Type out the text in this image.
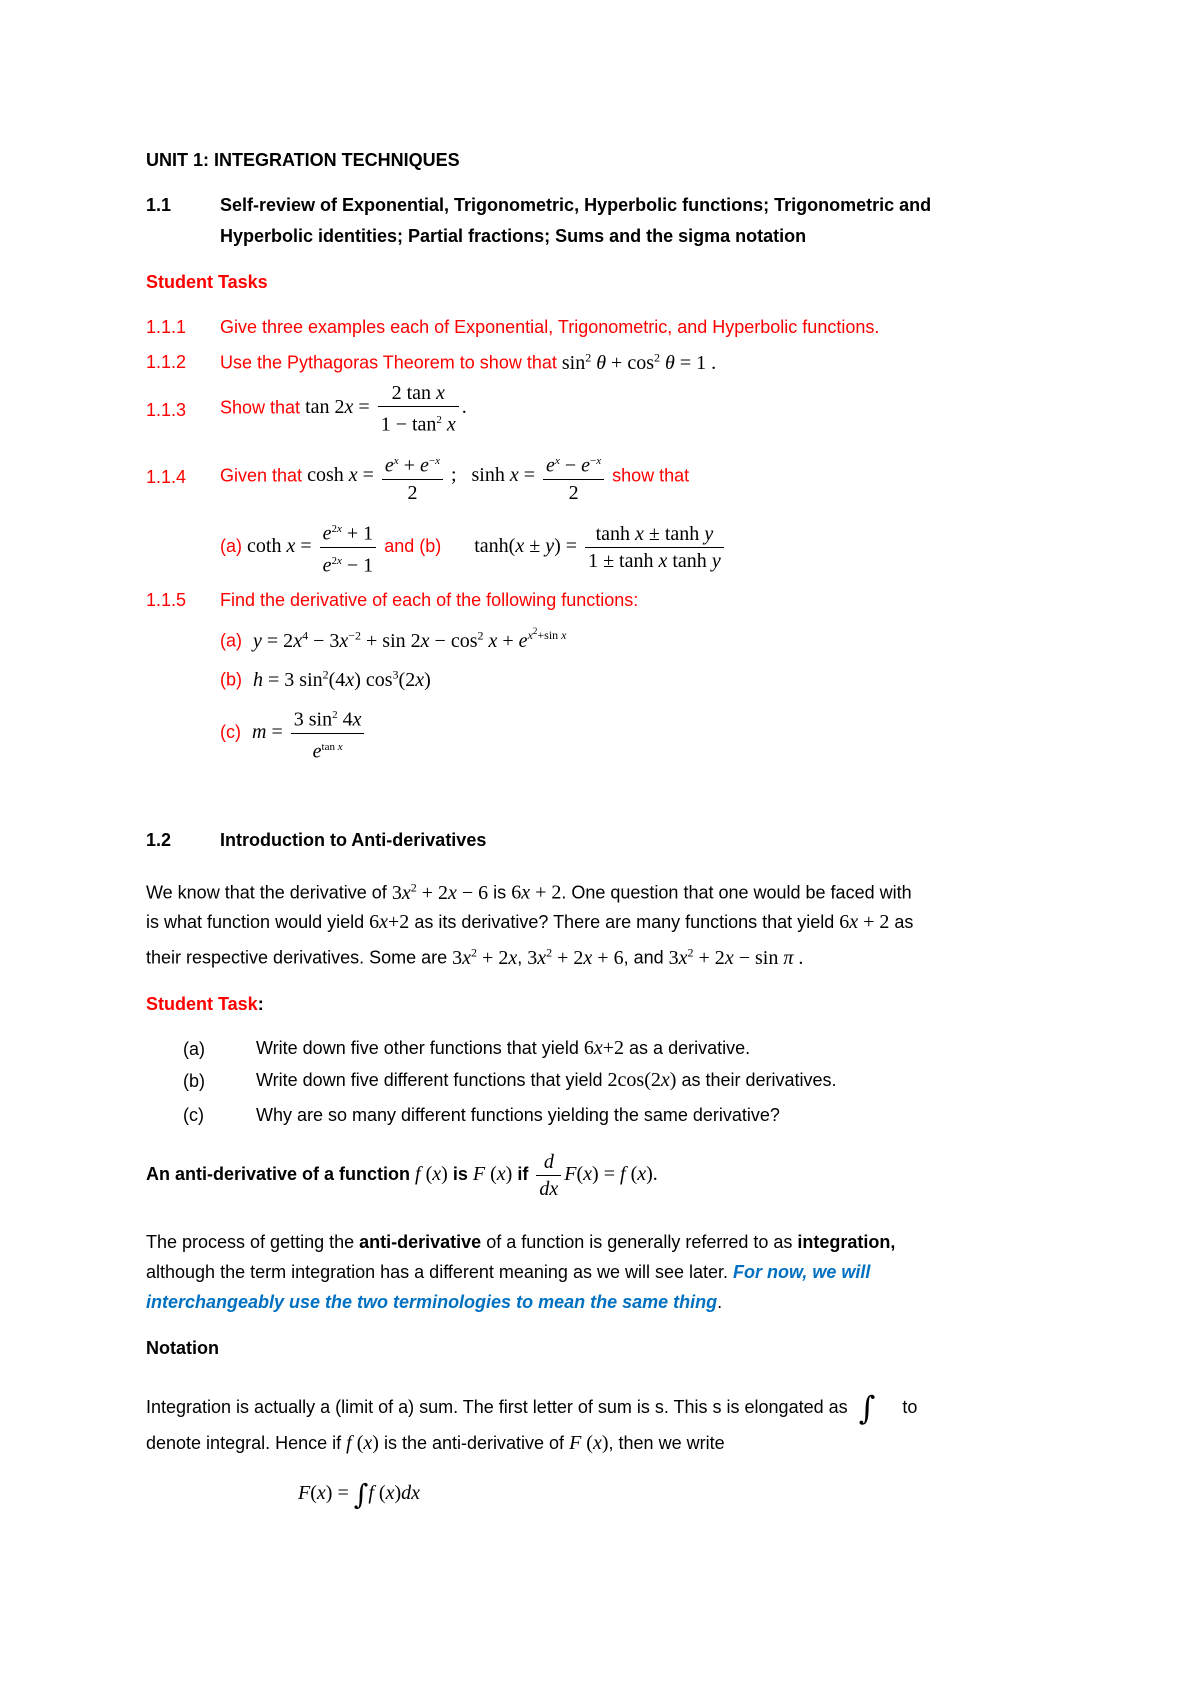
UNIT 1: INTEGRATION TECHNIQUES
1.1	Self-review of Exponential, Trigonometric, Hyperbolic functions; Trigonometric and
Hyperbolic identities; Partial fractions; Sums and the sigma notation
Student Tasks
1.1.1 Give three examples each of Exponential, Trigonometric, and Hyperbolic functions.
1.1.2 Use the Pythagoras Theorem to show that $\sin^2 \theta + \cos^2 \theta = 1$ .
1.1.3 Show that $\tan 2x = \frac{\text{2 tan x}}{1 - \tan^2 x}$ .
1.1.4 Given that $\cosh x = \frac{e^x + e^{-x}}{2}$ ;   $\sinh x = \frac{e^x - e^{-x}}{2}$ show that
(a) coth $x = \frac{e^{2x} + 1}{e^{2x} - 1}$ and (b) $\tanh(x \pm y) = \frac{\text{tanh x ± tanh y}}{\text{1 ± tanh x tanh y}}$
1.1.5 Find the derivative of each of the following functions:
(a) $y = 2x^4 - 3x^{-2} + \sin 2x - \cos^2 x + e^{x^2+sin x}$
(b) h = 3 $\sin^2(4x)$ $\cos^3(2x)$
(c) $m = \frac{3 \sin^2 4x}{e^{tan x}}$
1.2	Introduction to Anti-derivatives
We know that the derivative of $3x^2 + 2x - 6$ is 6x + 2. One question that one would be faced with
is what function would yield 6x+2 as its derivative? There are many functions that yield 6x + 2 as
their respective derivatives. Some are $3x^2 + 2x$, $3x^2 + 2x + 6$, and $3x^2 + 2x - \sin \pi$ .
Student Task:
(a)	Write down five other functions that yield 6x+2 as a derivative.
(b)	Write down five different functions that yield 2cos(2x) as their derivatives.
(c)	Why are so many different functions yielding the same derivative?
An anti-derivative of a function f (x) is F (x) if $\frac{d}{dx} F(x) = f$ (x).
The process of getting the anti-derivative of a function is generally referred to as integration,
although the term integration has a different meaning as we will see later. For now, we will
interchangeably use the two terminologies to mean the same thing.
Notation
Integration is actually a (limit of a) sum. The first letter of sum is s. This s is elongated as ∫ to
denote integral. Hence if f (x) is the anti-derivative of F (x), then we write
F(x) = ∫f (x)dx
